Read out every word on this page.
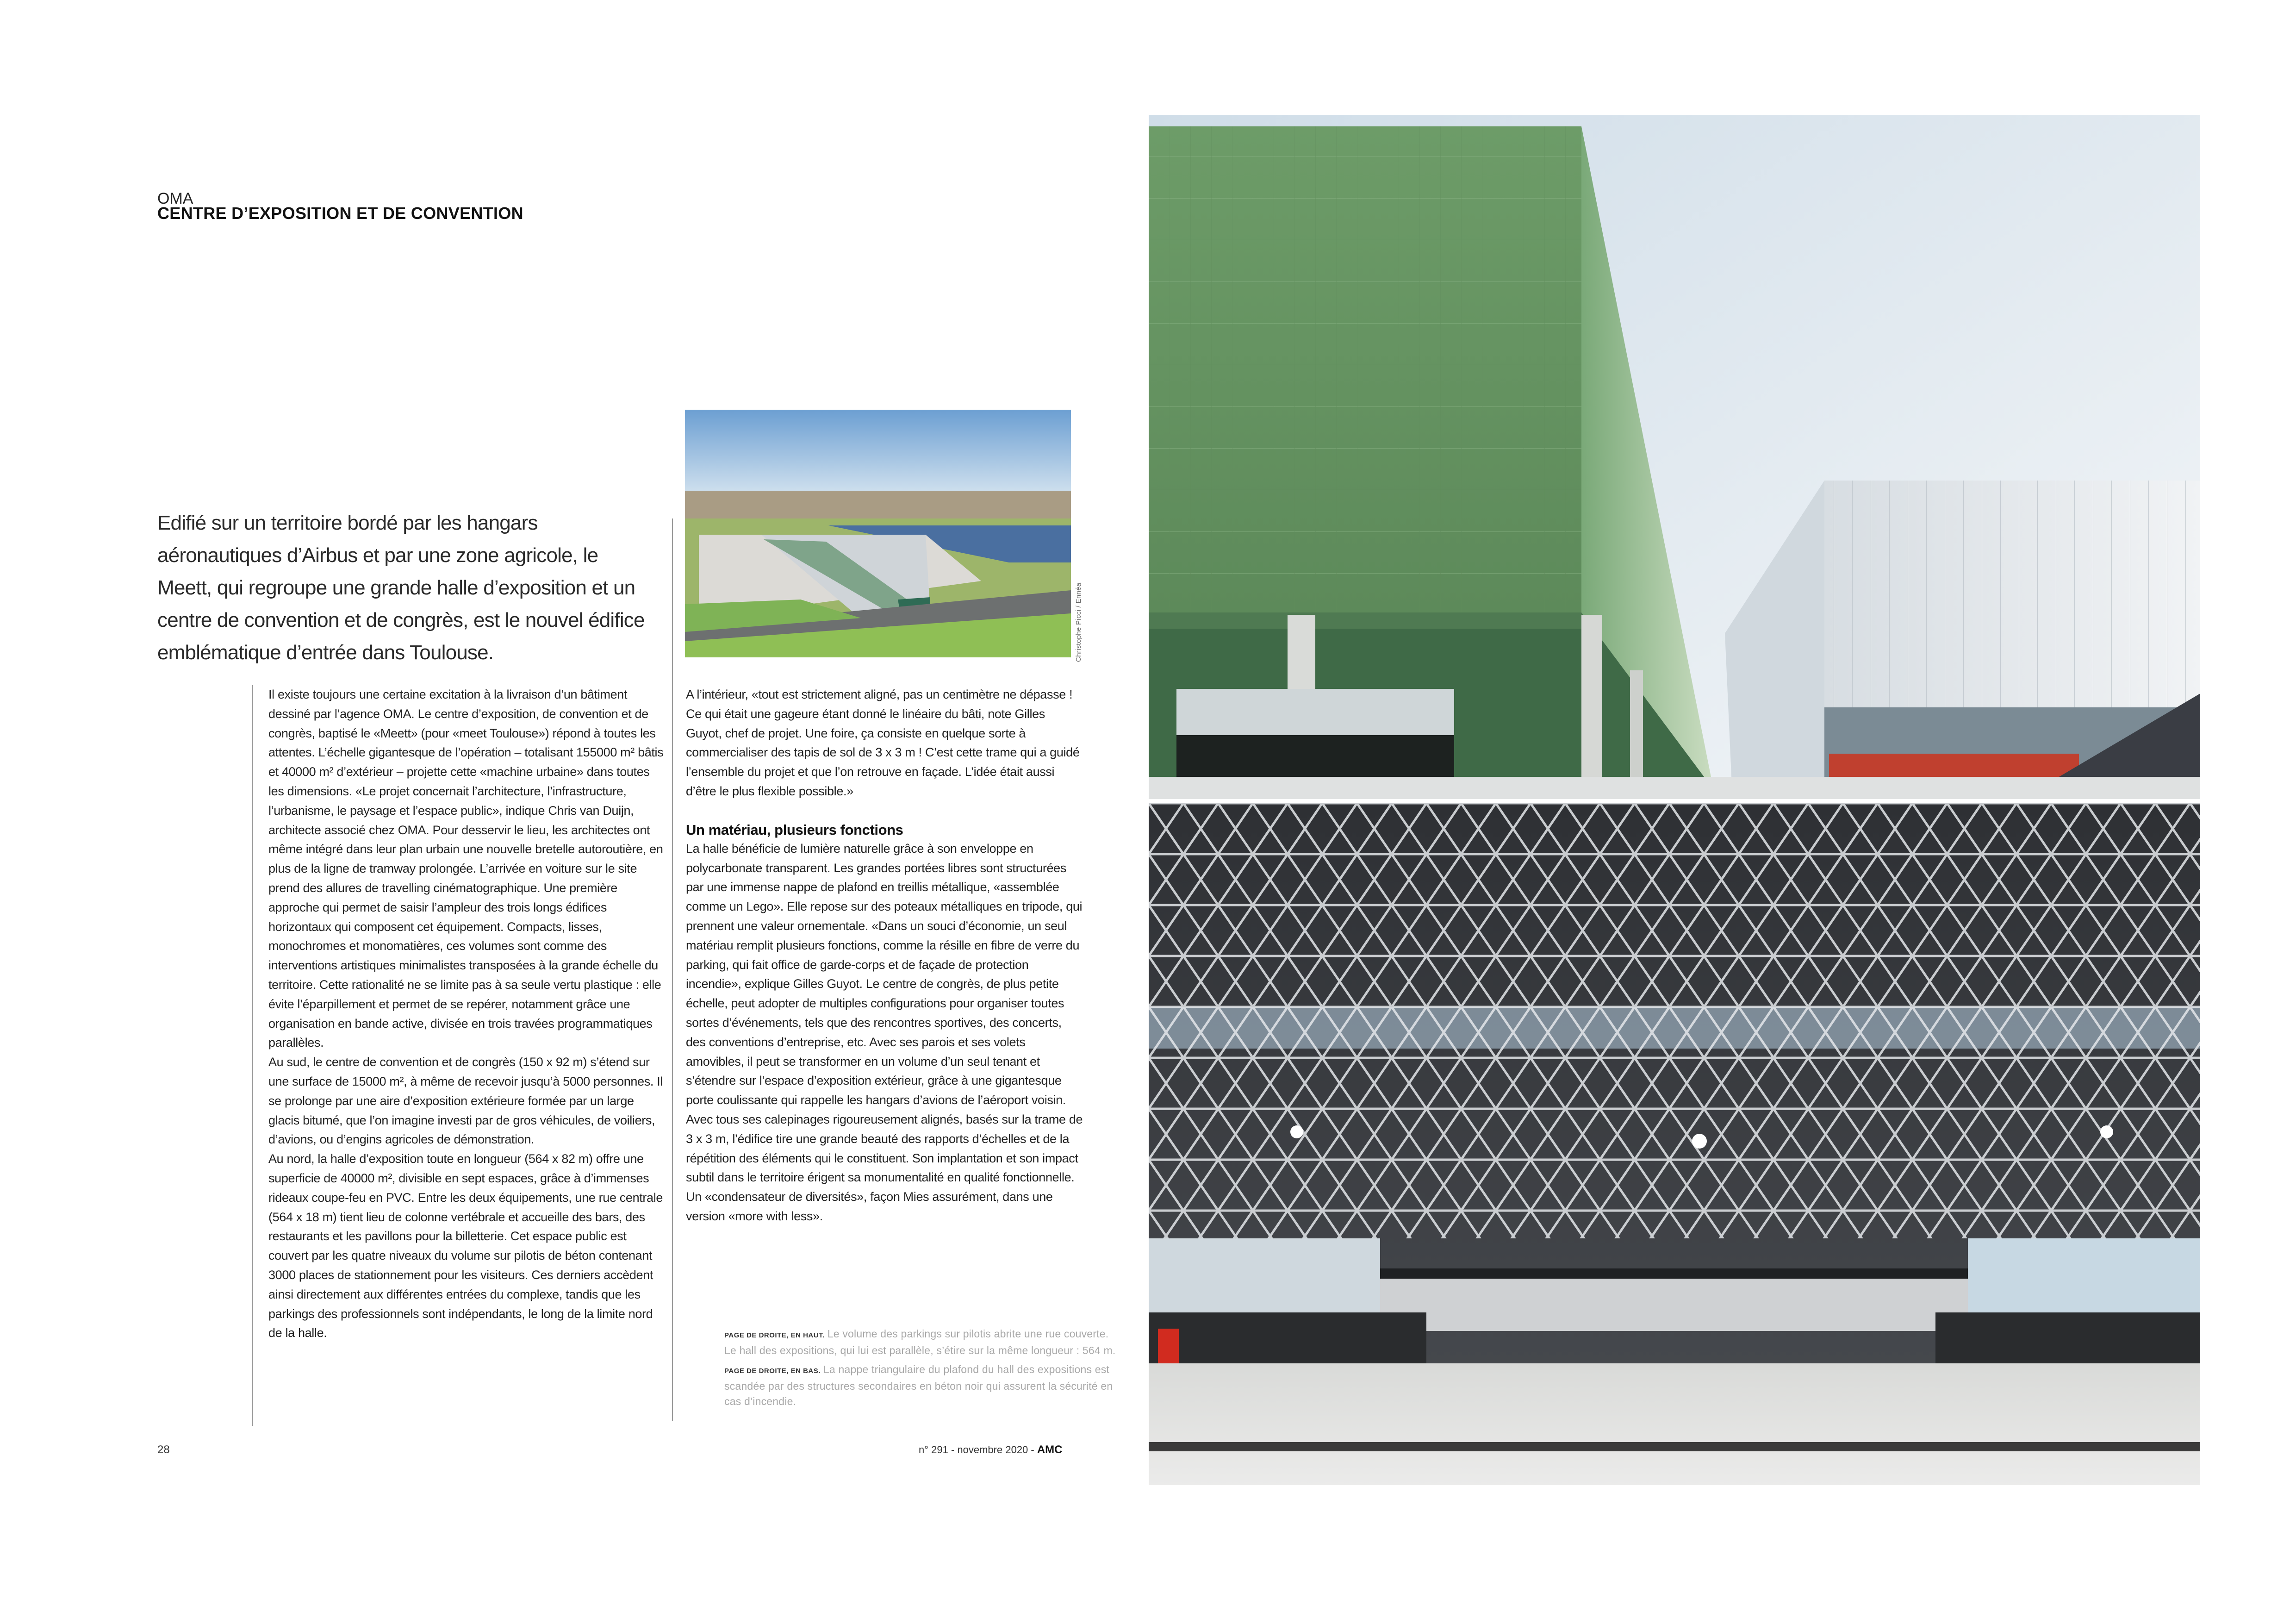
OMA
CENTRE D’EXPOSITION ET DE CONVENTION
Edifié sur un territoire bordé par les hangars aéronautiques d’Airbus et par une zone agricole, le Meett, qui regroupe une grande halle d’exposition et un centre de convention et de congrès, est le nouvel édifice emblématique d’entrée dans Toulouse.

Il existe toujours une certaine excitation à la livraison d’un bâtiment dessiné par l’agence OMA. Le centre d’exposition, de convention et de congrès, baptisé le «Meett» (pour «meet Toulouse») répond à toutes les attentes. L’échelle gigantesque de l’opération – totalisant 155000 m² bâtis et 40000 m² d’extérieur – projette cette «machine urbaine» dans toutes les dimensions. «Le projet concernait l’architecture, l’infrastructure, l’urbanisme, le paysage et l’espace public», indique Chris van Duijn, architecte associé chez OMA. Pour desservir le lieu, les architectes ont même intégré dans leur plan urbain une nouvelle bretelle autoroutière, en plus de la ligne de tramway prolongée. L’arrivée en voiture sur le site prend des allures de travelling cinématographique. Une première approche qui permet de saisir l’ampleur des trois longs édifices horizontaux qui composent cet équipement. Compacts, lisses, monochromes et monomatières, ces volumes sont comme des interventions artistiques minimalistes transposées à la grande échelle du territoire. Cette rationalité ne se limite pas à sa seule vertu plastique : elle évite l’éparpillement et permet de se repérer, notamment grâce une organisation en bande active, divisée en trois travées programmatiques parallèles.

Au sud, le centre de convention et de congrès (150 x 92 m) s’étend sur une surface de 15000 m², à même de recevoir jusqu’à 5000 personnes. Il se prolonge par une aire d’exposition extérieure formée par un large glacis bitumé, que l’on imagine investi par de gros véhicules, de voiliers, d’avions, ou d’engins agricoles de démonstration.

Au nord, la halle d’exposition toute en longueur (564 x 82 m) offre une superficie de 40000 m², divisible en sept espaces, grâce à d’immenses rideaux coupe-feu en PVC. Entre les deux équipements, une rue centrale (564 x 18 m) tient lieu de colonne vertébrale et accueille des bars, des restaurants et les pavillons pour la billetterie. Cet espace public est couvert par les quatre niveaux du volume sur pilotis de béton contenant 3000 places de stationnement pour les visiteurs. Ces derniers accèdent ainsi directement aux différentes entrées du complexe, tandis que les parkings des professionnels sont indépendants, le long de la limite nord de la halle.

A l’intérieur, «tout est strictement aligné, pas un centimètre ne dépasse ! Ce qui était une gageure étant donné le linéaire du bâti, note Gilles Guyot, chef de projet. Une foire, ça consiste en quelque sorte à commercialiser des tapis de sol de 3 x 3 m ! C’est cette trame qui a guidé l’ensemble du projet et que l’on retrouve en façade. L’idée était aussi d’être le plus flexible possible.»

Un matériau, plusieurs fonctions

La halle bénéficie de lumière naturelle grâce à son enveloppe en polycarbonate transparent. Les grandes portées libres sont structurées par une immense nappe de plafond en treillis métallique, «assemblée comme un Lego». Elle repose sur des poteaux métalliques en tripode, qui prennent une valeur ornementale. «Dans un souci d’économie, un seul matériau remplit plusieurs fonctions, comme la résille en fibre de verre du parking, qui fait office de garde-corps et de façade de protection incendie», explique Gilles Guyot. Le centre de congrès, de plus petite échelle, peut adopter de multiples configurations pour organiser toutes sortes d’événements, tels que des rencontres sportives, des concerts, des conventions d’entreprise, etc. Avec ses parois et ses volets amovibles, il peut se transformer en un volume d’un seul tenant et s’étendre sur l’espace d’exposition extérieur, grâce à une gigantesque porte coulissante qui rappelle les hangars d’avions de l’aéroport voisin. Avec tous ses calepinages rigoureusement alignés, basés sur la trame de 3 x 3 m, l’édifice tire une grande beauté des rapports d’échelles et de la répétition des éléments qui le constituent. Son implantation et son impact subtil dans le territoire érigent sa monumentalité en qualité fonctionnelle. Un «condensateur de diversités», façon Mies assurément, dans une version «more with less».

PAGE DE DROITE, EN HAUT. Le volume des parkings sur pilotis abrite une rue couverte. Le hall des expositions, qui lui est parallèle, s’étire sur la même longueur : 564 m.

PAGE DE DROITE, EN BAS. La nappe triangulaire du plafond du hall des expositions est scandée par des structures secondaires en béton noir qui assurent la sécurité en cas d’incendie.

28	n° 291 - novembre 2020 - AMC
Christophe Picci / Ennéa
